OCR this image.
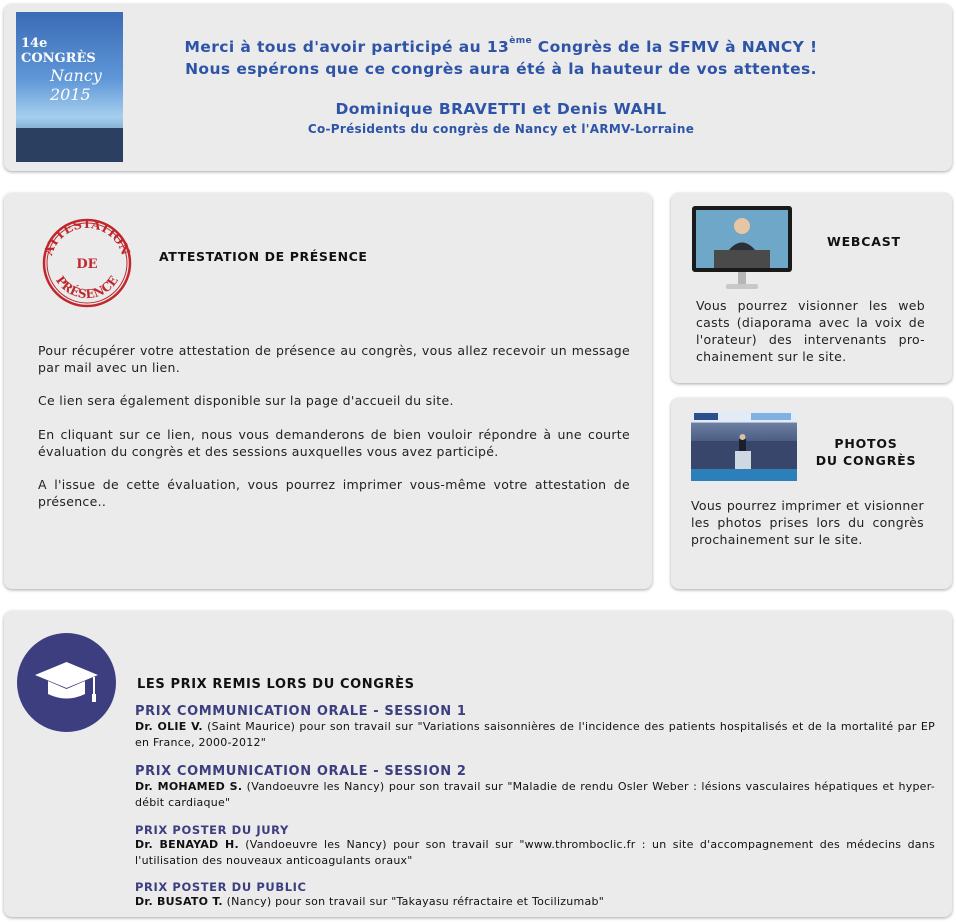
14e CONGRÈS
Nancy 2015
Merci à tous d'avoir participé au 13ème Congrès de la SFMV à NANCY !
Nous espérons que ce congrès aura été à la hauteur de vos attentes.
Dominique BRAVETTI et Denis WAHL
Co-Présidents du congrès de Nancy et l'ARMV-Lorraine
ATTESTATION
DE
PRÉSENCE
ATTESTATION DE PRÉSENCE
Pour récupérer votre attestation de présence au congrès, vous allez recevoir un message par mail avec un lien.
Ce lien sera également disponible sur la page d'accueil du site.
En cliquant sur ce lien, nous vous demanderons de bien vouloir répondre à une courte évaluation du congrès et des sessions auxquelles vous avez participé.
A l'issue de cette évaluation, vous pourrez imprimer vous-même votre attestation de présence..
WEBCAST
Vous pourrez visionner les web casts (diaporama avec la voix de l'orateur) des intervenants pro-chainement sur le site.
PHOTOS
DU CONGRÈS
Vous pourrez imprimer et visionner les photos prises lors du congrès prochainement sur le site.
LES PRIX REMIS LORS DU CONGRÈS
PRIX COMMUNICATION ORALE - SESSION 1
Dr. OLIE V. (Saint Maurice) pour son travail sur "Variations saisonnières de l'incidence des patients hospitalisés et de la mortalité par EP en France, 2000-2012"
PRIX COMMUNICATION ORALE - SESSION 2
Dr. MOHAMED S. (Vandoeuvre les Nancy) pour son travail sur "Maladie de rendu Osler Weber : lésions vasculaires hépatiques et hyper-débit cardiaque"
PRIX POSTER DU JURY
Dr. BENAYAD H. (Vandoeuvre les Nancy) pour son travail sur "www.thromboclic.fr : un site d'accompagnement des médecins dans l'utilisation des nouveaux anticoagulants oraux"
PRIX POSTER DU PUBLIC
Dr. BUSATO T. (Nancy) pour son travail sur "Takayasu réfractaire et Tocilizumab"
